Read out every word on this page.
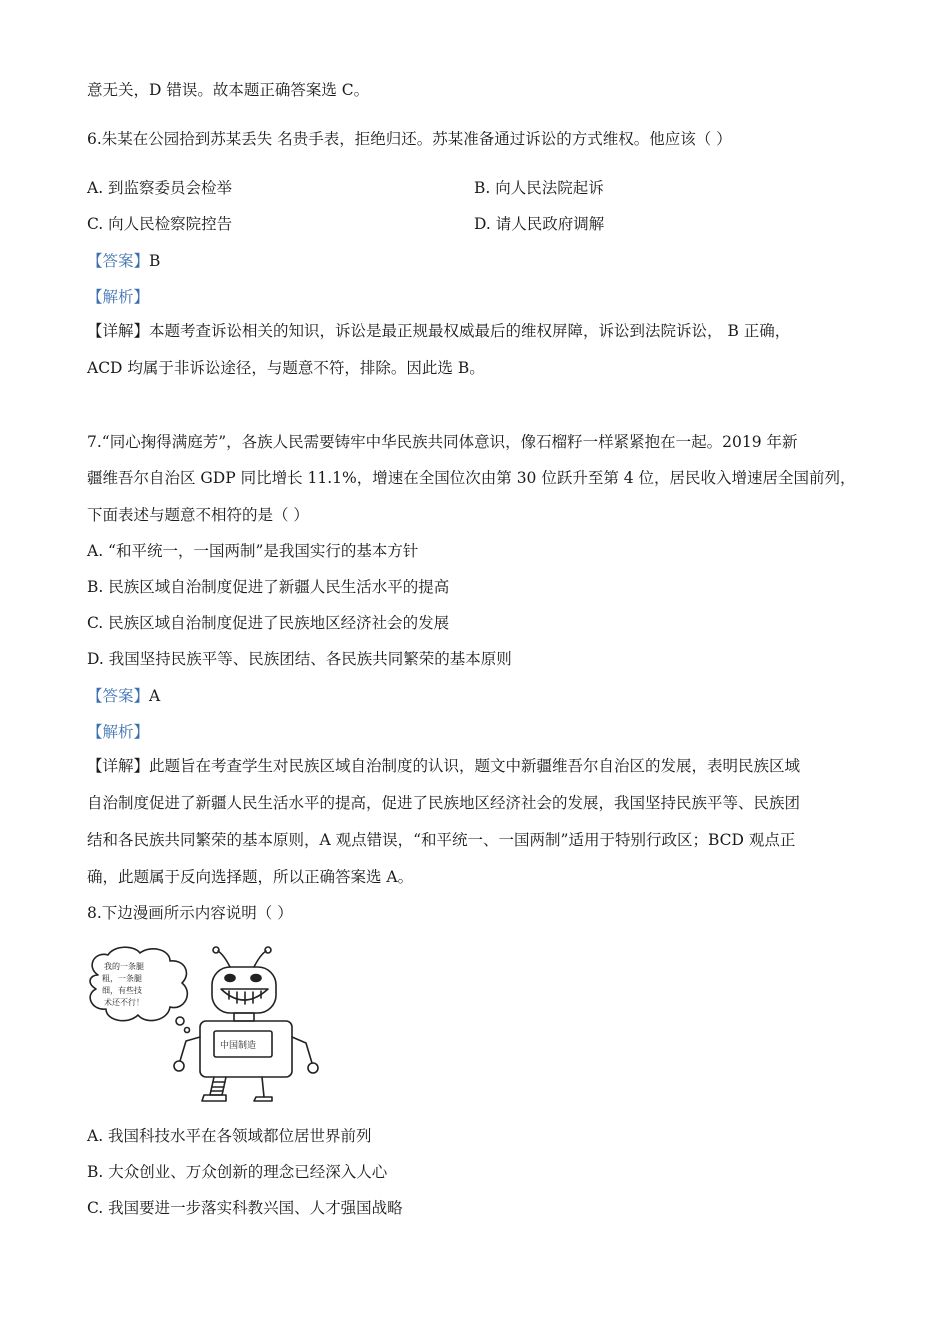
意无关，D 错误。故本题正确答案选 C。
6.朱某在公园拾到苏某丢失 名贵手表，拒绝归还。苏某准备通过诉讼的方式维权。他应该（ ）
A. 到监察委员会检举	B. 向人民法院起诉
C. 向人民检察院控告	D. 请人民政府调解
【答案】B
【解析】
【详解】本题考查诉讼相关的知识，诉讼是最正规最权威最后的维权屏障，诉讼到法院诉讼， B 正确，
ACD 均属于非诉讼途径，与题意不符，排除。因此选 B。
7.“同心掬得满庭芳”，各族人民需要铸牢中华民族共同体意识，像石榴籽一样紧紧抱在一起。2019 年新
疆维吾尔自治区 GDP 同比增长 11.1%，增速在全国位次由第 30 位跃升至第 4 位，居民收入增速居全国前列，
下面表述与题意不相符的是（ ）
A. “和平统一，一国两制”是我国实行的基本方针
B. 民族区域自治制度促进了新疆人民生活水平的提高
C. 民族区域自治制度促进了民族地区经济社会的发展
D. 我国坚持民族平等、民族团结、各民族共同繁荣的基本原则
【答案】A
【解析】
【详解】此题旨在考查学生对民族区域自治制度的认识，题文中新疆维吾尔自治区的发展，表明民族区域
自治制度促进了新疆人民生活水平的提高，促进了民族地区经济社会的发展，我国坚持民族平等、民族团
结和各民族共同繁荣的基本原则，A 观点错误，“和平统一、一国两制”适用于特别行政区；BCD 观点正
确，此题属于反向选择题，所以正确答案选 A。
8.下边漫画所示内容说明（ ）
我的一条腿
粗，一条腿
细，有些技
术还不行！
中国制造
A. 我国科技水平在各领域都位居世界前列
B. 大众创业、万众创新的理念已经深入人心
C. 我国要进一步落实科教兴国、人才强国战略
